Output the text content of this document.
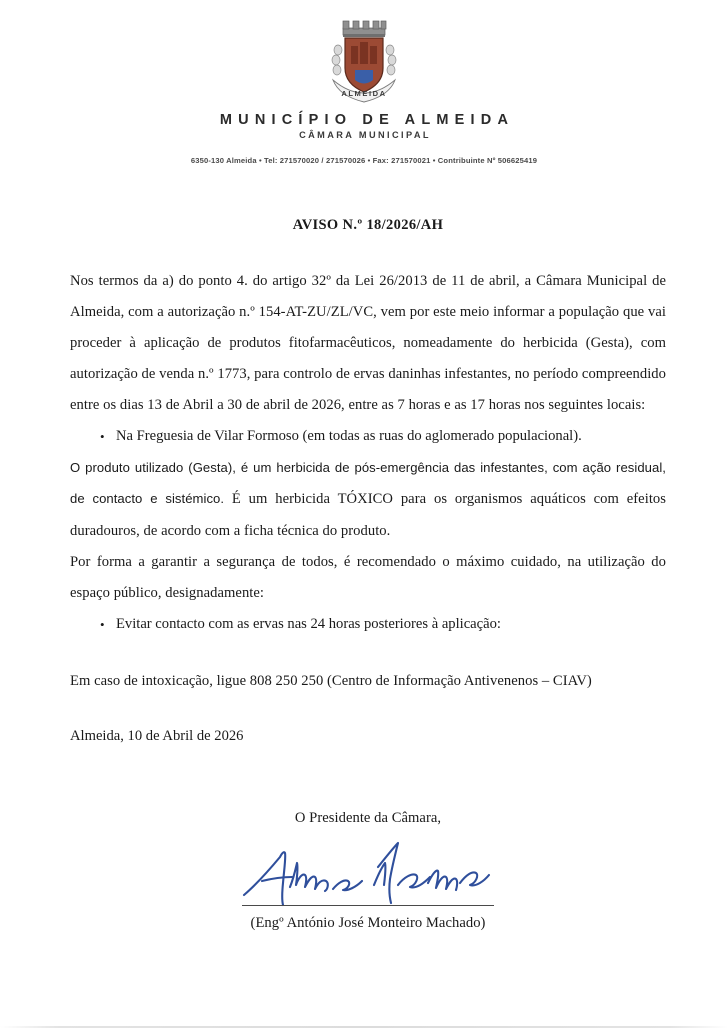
ALMEIDA
MUNICÍPIO DE ALMEIDA
CÂMARA MUNICIPAL
6350-130 Almeida • Tel: 271570020 / 271570026 • Fax: 271570021 • Contribuinte Nº 506625419
AVISO N.º 18/2026/AH

Nos termos da a) do ponto 4. do artigo 32º da Lei 26/2013 de 11 de abril, a Câmara Municipal de Almeida, com a autorização n.º 154-AT-ZU/ZL/VC, vem por este meio informar a população que vai proceder à aplicação de produtos fitofarmacêuticos, nomeadamente do herbicida (Gesta), com autorização de venda n.º 1773, para controlo de ervas daninhas infestantes, no período compreendido entre os dias 13 de Abril a 30 de abril de 2026, entre as 7 horas e as 17 horas nos seguintes locais:

• Na Freguesia de Vilar Formoso (em todas as ruas do aglomerado populacional).

O produto utilizado (Gesta), é um herbicida de pós-emergência das infestantes, com ação residual, de contacto e sistémico. É um herbicida TÓXICO para os organismos aquáticos com efeitos duradouros, de acordo com a ficha técnica do produto.

Por forma a garantir a segurança de todos, é recomendado o máximo cuidado, na utilização do espaço público, designadamente:

• Evitar contacto com as ervas nas 24 horas posteriores à aplicação:

Em caso de intoxicação, ligue 808 250 250 (Centro de Informação Antivenenos – CIAV)

Almeida, 10 de Abril de 2026

O Presidente da Câmara,
(Engº António José Monteiro Machado)
